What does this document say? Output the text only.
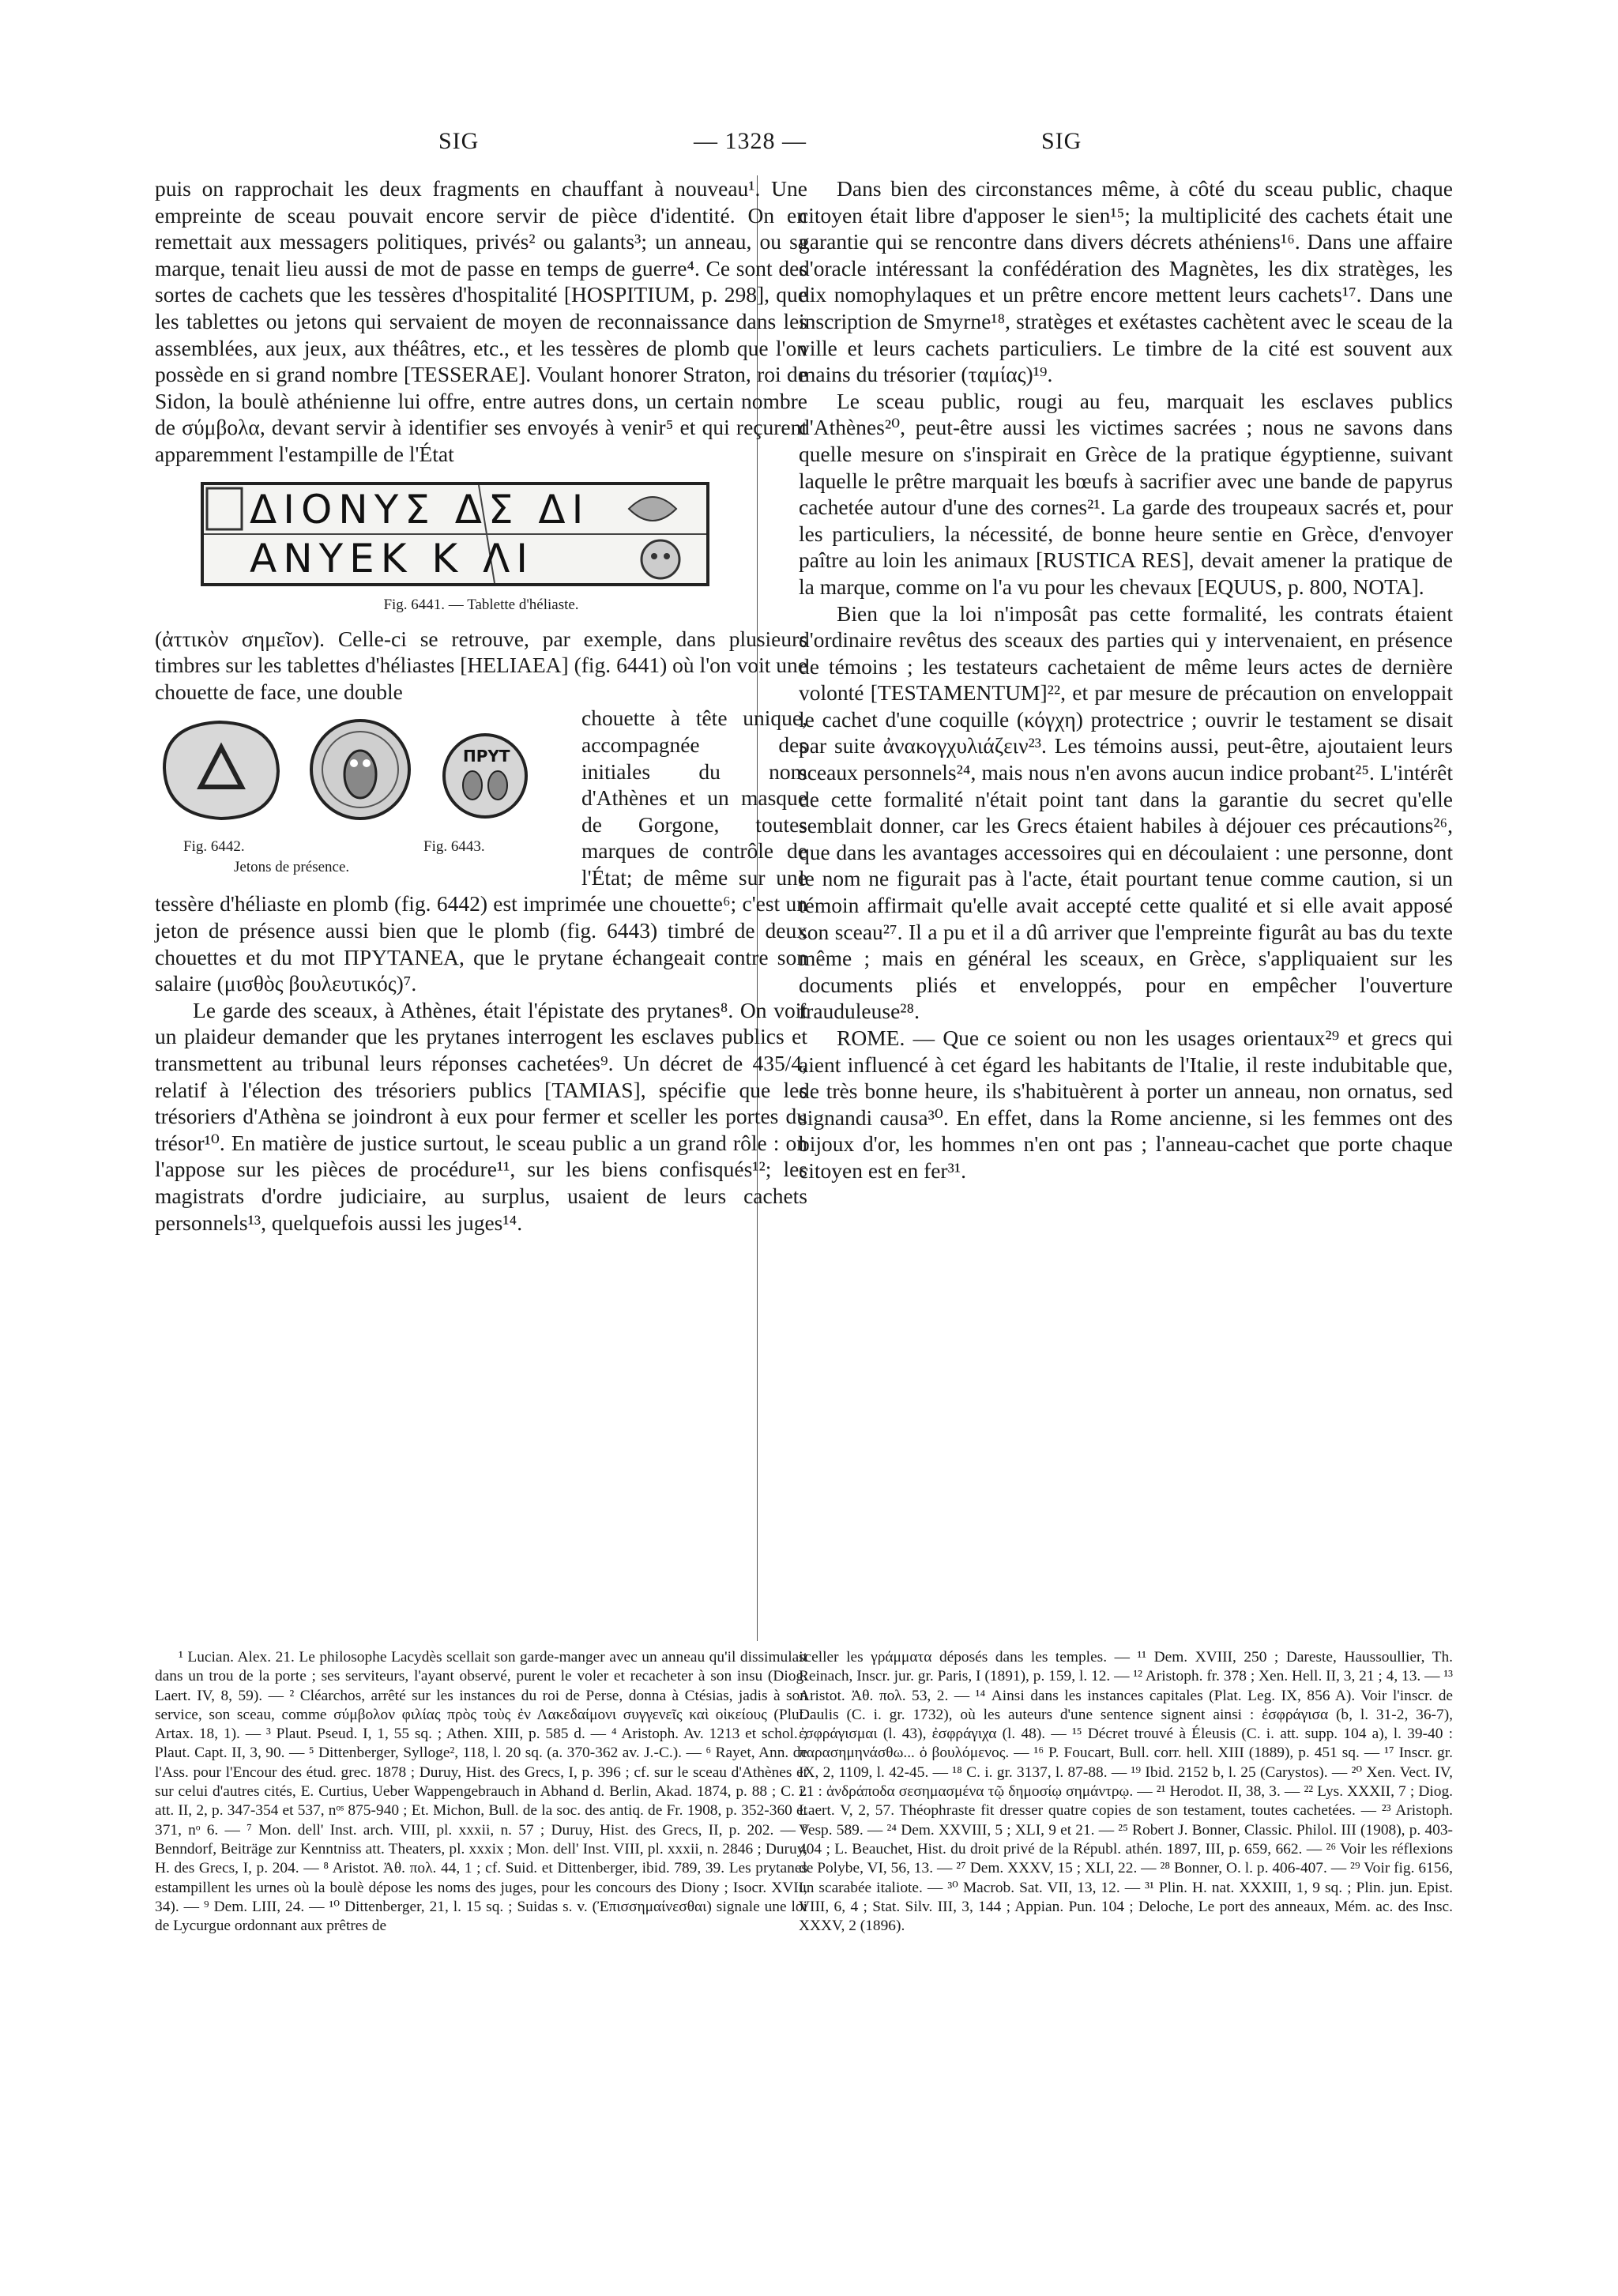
SIG	— 1328 —	SIG

puis on rapprochait les deux fragments en chauffant à nouveau¹. Une empreinte de sceau pouvait encore servir de pièce d'identité. On en remettait aux messagers politiques, privés² ou galants³; un anneau, ou sa marque, tenait lieu aussi de mot de passe en temps de guerre⁴. Ce sont des sortes de cachets que les tessères d'hospitalité [HOSPITIUM, p. 298], que les tablettes ou jetons qui servaient de moyen de reconnaissance dans les assemblées, aux jeux, aux théâtres, etc., et les tessères de plomb que l'on possède en si grand nombre [TESSERAE]. Voulant honorer Straton, roi de Sidon, la boulè athénienne lui offre, entre autres dons, un certain nombre de σύμβολα, devant servir à identifier ses envoyés à venir⁵ et qui reçurent apparemment l'estampille de l'État

ΔΙΟΝΥΣ ΔΣ ΔΙ
ΑΝΥΕΚ Κ ΛΙ
Fig. 6441. — Tablette d'héliaste.

(ἀττικὸν σημεῖον). Celle-ci se retrouve, par exemple, dans plusieurs timbres sur les tablettes d'héliastes [HELIAEA] (fig. 6441) où l'on voit une chouette de face, une double

ΠΡΥΤ
Fig. 6442.	Fig. 6443.
Jetons de présence.

chouette à tête unique, accompagnée des initiales du nom d'Athènes et un masque de Gorgone, toutes marques de contrôle de l'État; de même sur une tessère d'héliaste en plomb (fig. 6442) est imprimée une chouette⁶; c'est un jeton de présence aussi bien que le plomb (fig. 6443) timbré de deux chouettes et du mot ΠΡΥΤΑΝΕΑ, que le prytane échangeait contre son salaire (μισθὸς βουλευτικός)⁷.

Le garde des sceaux, à Athènes, était l'épistate des prytanes⁸. On voit un plaideur demander que les prytanes interrogent les esclaves publics et transmettent au tribunal leurs réponses cachetées⁹. Un décret de 435/4, relatif à l'élection des trésoriers publics [TAMIAS], spécifie que les trésoriers d'Athèna se joindront à eux pour fermer et sceller les portes du trésor¹⁰. En matière de justice surtout, le sceau public a un grand rôle : on l'appose sur les pièces de procédure¹¹, sur les biens confisqués¹²; les magistrats d'ordre judiciaire, au surplus, usaient de leurs cachets personnels¹³, quelquefois aussi les juges¹⁴.

Dans bien des circonstances même, à côté du sceau public, chaque citoyen était libre d'apposer le sien¹⁵; la multiplicité des cachets était une garantie qui se rencontre dans divers décrets athéniens¹⁶. Dans une affaire d'oracle intéressant la confédération des Magnètes, les dix stratèges, les dix nomophylaques et un prêtre encore mettent leurs cachets¹⁷. Dans une inscription de Smyrne¹⁸, stratèges et exétastes cachètent avec le sceau de la ville et leurs cachets particuliers. Le timbre de la cité est souvent aux mains du trésorier (ταμίας)¹⁹.

Le sceau public, rougi au feu, marquait les esclaves publics d'Athènes²⁰, peut-être aussi les victimes sacrées ; nous ne savons dans quelle mesure on s'inspirait en Grèce de la pratique égyptienne, suivant laquelle le prêtre marquait les bœufs à sacrifier avec une bande de papyrus cachetée autour d'une des cornes²¹. La garde des troupeaux sacrés et, pour les particuliers, la nécessité, de bonne heure sentie en Grèce, d'envoyer paître au loin les animaux [RUSTICA RES], devait amener la pratique de la marque, comme on l'a vu pour les chevaux [EQUUS, p. 800, NOTA].

Bien que la loi n'imposât pas cette formalité, les contrats étaient d'ordinaire revêtus des sceaux des parties qui y intervenaient, en présence de témoins ; les testateurs cachetaient de même leurs actes de dernière volonté [TESTAMENTUM]²², et par mesure de précaution on enveloppait le cachet d'une coquille (κόγχη) protectrice ; ouvrir le testament se disait par suite ἀνακογχυλιάζειν²³. Les témoins aussi, peut-être, ajoutaient leurs sceaux personnels²⁴, mais nous n'en avons aucun indice probant²⁵. L'intérêt de cette formalité n'était point tant dans la garantie du secret qu'elle semblait donner, car les Grecs étaient habiles à déjouer ces précautions²⁶, que dans les avantages accessoires qui en découlaient : une personne, dont le nom ne figurait pas à l'acte, était pourtant tenue comme caution, si un témoin affirmait qu'elle avait accepté cette qualité et si elle avait apposé son sceau²⁷. Il a pu et il a dû arriver que l'empreinte figurât au bas du texte même ; mais en général les sceaux, en Grèce, s'appliquaient sur les documents pliés et enveloppés, pour en empêcher l'ouverture frauduleuse²⁸.

ROME. — Que ce soient ou non les usages orientaux²⁹ et grecs qui aient influencé à cet égard les habitants de l'Italie, il reste indubitable que, de très bonne heure, ils s'habituèrent à porter un anneau, non ornatus, sed signandi causa³⁰. En effet, dans la Rome ancienne, si les femmes ont des bijoux d'or, les hommes n'en ont pas ; l'anneau-cachet que porte chaque citoyen est en fer³¹.

¹ Lucian. Alex. 21. Le philosophe Lacydès scellait son garde-manger avec un anneau qu'il dissimulait dans un trou de la porte ; ses serviteurs, l'ayant observé, purent le voler et recacheter à son insu (Diog. Laert. IV, 8, 59). — ² Cléarchos, arrêté sur les instances du roi de Perse, donna à Ctésias, jadis à son service, son sceau, comme σύμβολον φιλίας πρὸς τοὺς ἐν Λακεδαίμονι συγγενεῖς καὶ οἰκείους (Plut. Artax. 18, 1). — ³ Plaut. Pseud. I, 1, 55 sq. ; Athen. XIII, p. 585 d. — ⁴ Aristoph. Av. 1213 et schol. ; Plaut. Capt. II, 3, 90. — ⁵ Dittenberger, Sylloge², 118, l. 20 sq. (a. 370-362 av. J.-C.). — ⁶ Rayet, Ann. de l'Ass. pour l'Encour des étud. grec. 1878 ; Duruy, Hist. des Grecs, I, p. 396 ; cf. sur le sceau d'Athènes et sur celui d'autres cités, E. Curtius, Ueber Wappengebrauch in Abhand d. Berlin, Akad. 1874, p. 88 ; C. i. att. II, 2, p. 347-354 et 537, nᵒˢ 875-940 ; Et. Michon, Bull. de la soc. des antiq. de Fr. 1908, p. 352-360 et 371, nᵒ 6. — ⁷ Mon. dell' Inst. arch. VIII, pl. xxxii, n. 57 ; Duruy, Hist. des Grecs, II, p. 202. — ⁸ Benndorf, Beiträge zur Kenntniss att. Theaters, pl. xxxix ; Mon. dell' Inst. VIII, pl. xxxii, n. 2846 ; Duruy, H. des Grecs, I, p. 204. — ⁸ Aristot. Ἀθ. πολ. 44, 1 ; cf. Suid. et Dittenberger, ibid. 789, 39. Les prytanes estampillent les urnes où la boulè dépose les noms des juges, pour les concours des Diony ; Isocr. XVII, 34). — ⁹ Dem. LIII, 24. — ¹⁰ Dittenberger, 21, l. 15 sq. ; Suidas s. v. (Ἐπισσημαίνεσθαι) signale une loi de Lycurgue ordonnant aux prêtres de

sceller les γράμματα déposés dans les temples. — ¹¹ Dem. XVIII, 250 ; Dareste, Haussoullier, Th. Reinach, Inscr. jur. gr. Paris, I (1891), p. 159, l. 12. — ¹² Aristoph. fr. 378 ; Xen. Hell. II, 3, 21 ; 4, 13. — ¹³ Aristot. Ἀθ. πολ. 53, 2. — ¹⁴ Ainsi dans les instances capitales (Plat. Leg. IX, 856 A). Voir l'inscr. de Daulis (C. i. gr. 1732), où les auteurs d'une sentence signent ainsi : ἐσφράγισα (b, l. 31-2, 36-7), ἐσφράγισμαι (l. 43), ἐσφράγιχα (l. 48). — ¹⁵ Décret trouvé à Éleusis (C. i. att. supp. 104 a), l. 39-40 : παρασημηνάσθω... ὁ βουλόμενος. — ¹⁶ P. Foucart, Bull. corr. hell. XIII (1889), p. 451 sq. — ¹⁷ Inscr. gr. IX, 2, 1109, l. 42-45. — ¹⁸ C. i. gr. 3137, l. 87-88. — ¹⁹ Ibid. 2152 b, l. 25 (Carystos). — ²⁰ Xen. Vect. IV, 21 : ἀνδράποδα σεσημασμένα τῷ δημοσίῳ σημάντρῳ. — ²¹ Herodot. II, 38, 3. — ²² Lys. XXXII, 7 ; Diog. Laert. V, 2, 57. Théophraste fit dresser quatre copies de son testament, toutes cachetées. — ²³ Aristoph. Vesp. 589. — ²⁴ Dem. XXVIII, 5 ; XLI, 9 et 21. — ²⁵ Robert J. Bonner, Classic. Philol. III (1908), p. 403-404 ; L. Beauchet, Hist. du droit privé de la Républ. athén. 1897, III, p. 659, 662. — ²⁶ Voir les réflexions de Polybe, VI, 56, 13. — ²⁷ Dem. XXXV, 15 ; XLI, 22. — ²⁸ Bonner, O. l. p. 406-407. — ²⁹ Voir fig. 6156, un scarabée italiote. — ³⁰ Macrob. Sat. VII, 13, 12. — ³¹ Plin. H. nat. XXXIII, 1, 9 sq. ; Plin. jun. Epist. VIII, 6, 4 ; Stat. Silv. III, 3, 144 ; Appian. Pun. 104 ; Deloche, Le port des anneaux, Mém. ac. des Insc. XXXV, 2 (1896).
